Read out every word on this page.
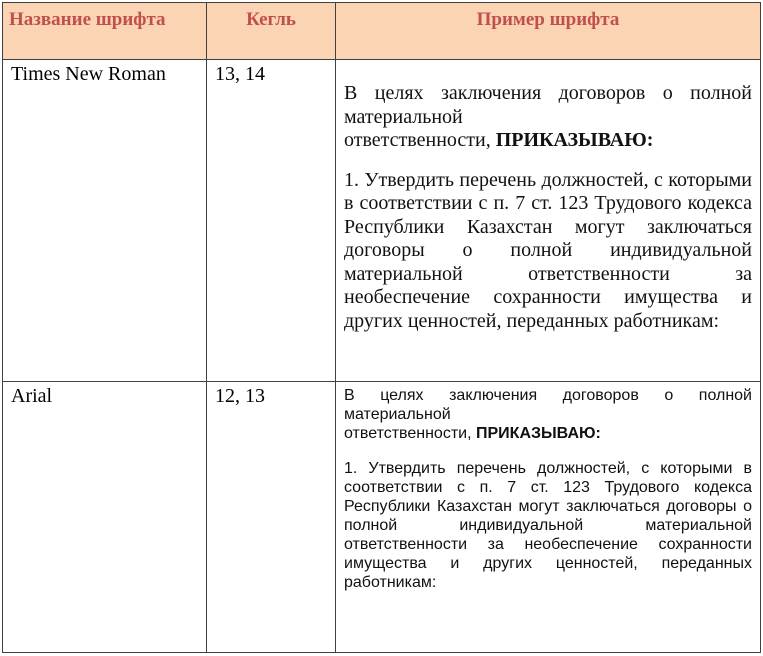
Название шрифта	Кегль	Пример шрифта
Times New Roman	13, 14	В целях заключения договоров о полной
материальной
ответственности, ПРИКАЗЫВАЮ:
1. Утвердить перечень должностей, с которыми в соответствии с п. 7 ст. 123 Трудового кодекса Республики Казахстан могут заключаться договоры о полной индивидуальной материальной ответственности за необеспечение сохранности имущества и других ценностей, переданных работникам:

Arial	12, 13	В целях заключения договоров о полной
материальной
ответственности, ПРИКАЗЫВАЮ:
1. Утвердить перечень должностей, с которыми в соответствии с п. 7 ст. 123 Трудового кодекса Республики Казахстан могут заключаться договоры о полной индивидуальной материальной ответственности за необеспечение сохранности имущества и других ценностей, переданных работникам:
